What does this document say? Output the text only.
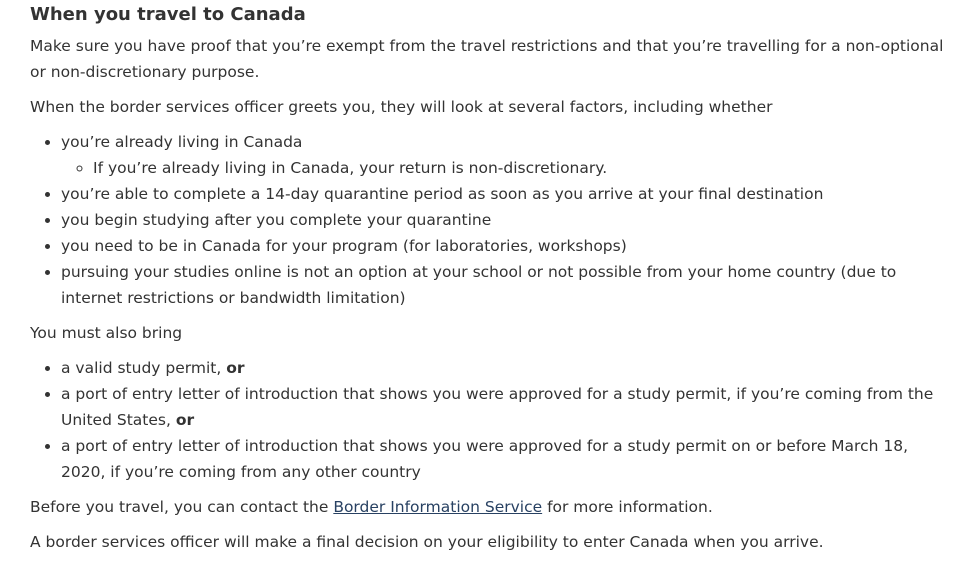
When you travel to Canada

Make sure you have proof that you’re exempt from the travel restrictions and that you’re travelling for a non-optional or non-discretionary purpose.

When the border services officer greets you, they will look at several factors, including whether

• you’re already living in Canada
◦ If you’re already living in Canada, your return is non-discretionary.
• you’re able to complete a 14-day quarantine period as soon as you arrive at your final destination
• you begin studying after you complete your quarantine
• you need to be in Canada for your program (for laboratories, workshops)
• pursuing your studies online is not an option at your school or not possible from your home country (due to internet restrictions or bandwidth limitation)

You must also bring

• a valid study permit, or
• a port of entry letter of introduction that shows you were approved for a study permit, if you’re coming from the United States, or
• a port of entry letter of introduction that shows you were approved for a study permit on or before March 18, 2020, if you’re coming from any other country

Before you travel, you can contact the Border Information Service for more information.

A border services officer will make a final decision on your eligibility to enter Canada when you arrive.
